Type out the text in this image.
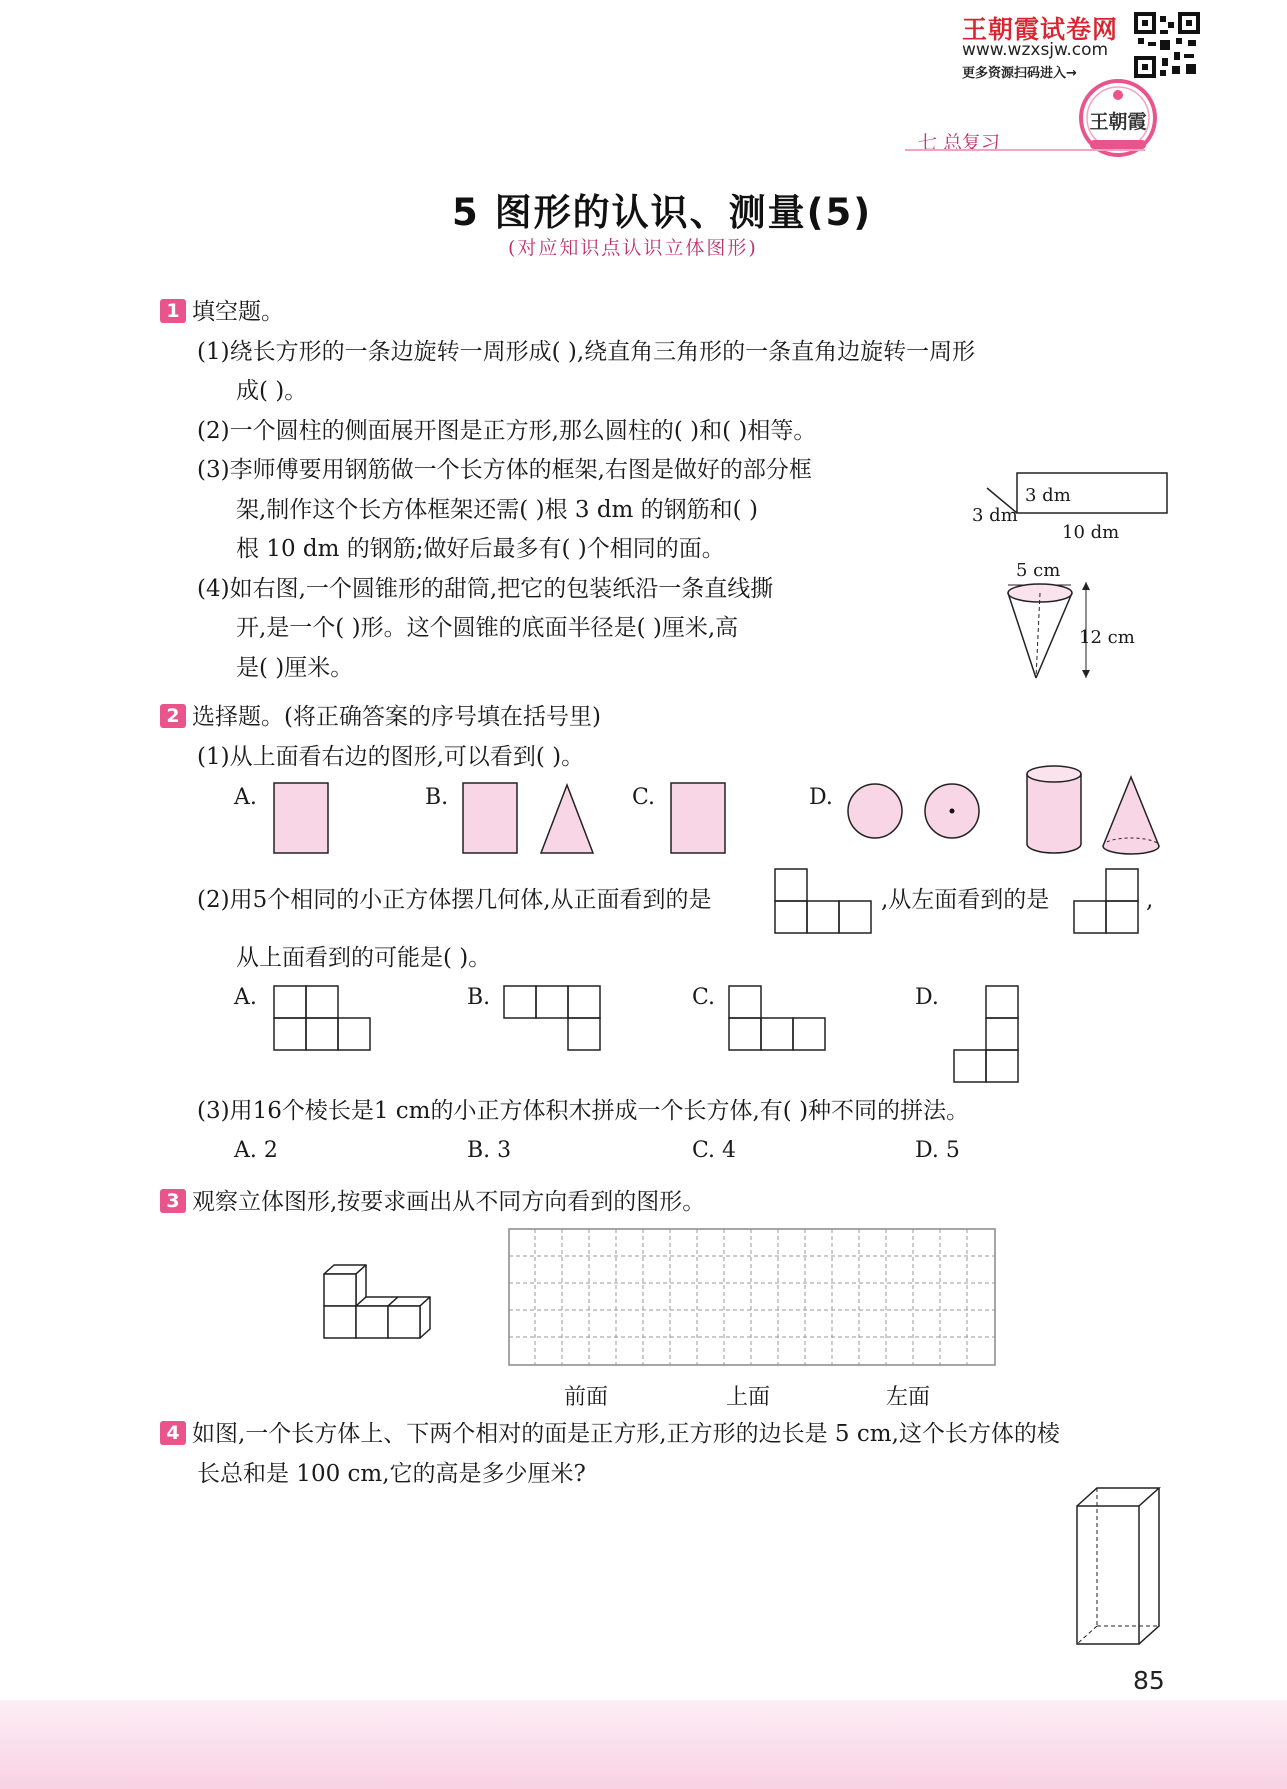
王朝霞试卷网
www.wzxsjw.com
更多资源扫码进入→
王朝霞
七 总复习
5 图形的认识、测量(5)
(对应知识点认识立体图形)
1 填空题。
(1)绕长方形的一条边旋转一周形成( ),绕直角三角形的一条直角边旋转一周形
成( )。
(2)一个圆柱的侧面展开图是正方形,那么圆柱的( )和( )相等。
(3)李师傅要用钢筋做一个长方体的框架,右图是做好的部分框
架,制作这个长方体框架还需( )根 3 dm 的钢筋和( )
根 10 dm 的钢筋;做好后最多有( )个相同的面。
(4)如右图,一个圆锥形的甜筒,把它的包装纸沿一条直线撕
开,是一个( )形。这个圆锥的底面半径是( )厘米,高
是( )厘米。
3 dm
3 dm
10 dm
5 cm
12 cm
2 选择题。(将正确答案的序号填在括号里)
(1)从上面看右边的图形,可以看到( )。
A.	B.	C.	D.
(2)用5个相同的小正方体摆几何体,从正面看到的是	,从左面看到的是	,
从上面看到的可能是( )。
A.	B.	C.	D.
(3)用16个棱长是1 cm的小正方体积木拼成一个长方体,有( )种不同的拼法。
A. 2	B. 3	C. 4	D. 5
3 观察立体图形,按要求画出从不同方向看到的图形。
前面	上面	左面
4 如图,一个长方体上、下两个相对的面是正方形,正方形的边长是 5 cm,这个长方体的棱
长总和是 100 cm,它的高是多少厘米?
85
